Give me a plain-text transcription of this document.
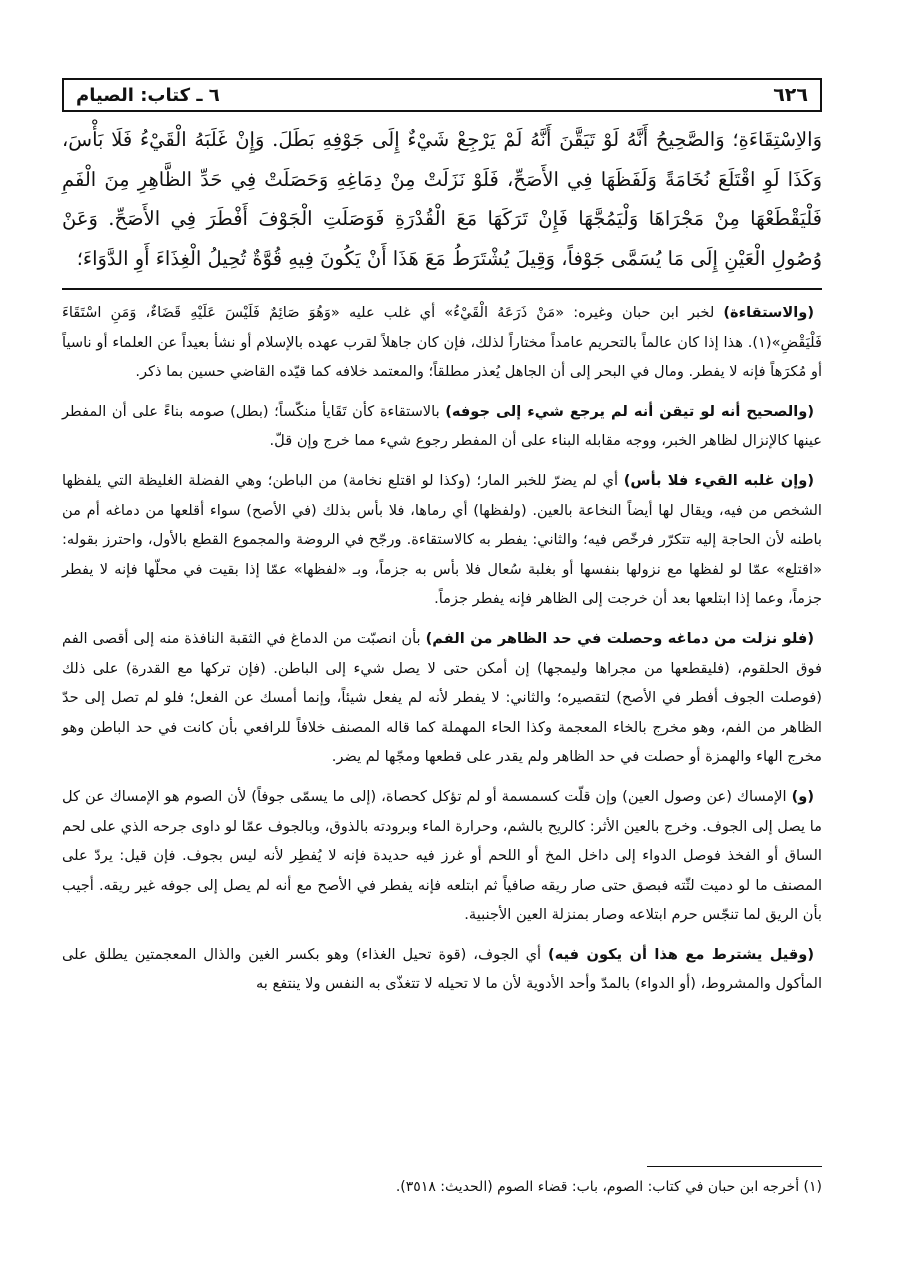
٦٢٦
٦ ـ كتاب: الصيام
وَالاِسْتِقَاءَةِ؛ وَالصَّحِيحُ أَنَّهُ لَوْ تَيَقَّنَ أَنَّهُ لَمْ يَرْجِعْ شَيْءٌ إِلَى جَوْفِهِ بَطَلَ. وَإِنْ غَلَبَهُ الْقَيْءُ فَلَا بَأْسَ، وَكَذَا لَوِ اقْتَلَعَ نُخَامَةً وَلَفَظَهَا فِي الأَصَحِّ، فَلَوْ نَزَلَتْ مِنْ دِمَاغِهِ وَحَصَلَتْ فِي حَدِّ الظَّاهِرِ مِنَ الْفَمِ فَلْيَقْطَعْهَا مِنْ مَجْرَاهَا وَلْيَمُجَّهَا فَإِنْ تَرَكَهَا مَعَ الْقُدْرَةِ فَوَصَلَتِ الْجَوْفَ أَفْطَرَ فِي الأَصَحِّ. وَعَنْ وُصُولِ الْعَيْنِ إِلَى مَا يُسَمَّى جَوْفاً، وَقِيلَ يُشْتَرَطُ مَعَ هَذَا أَنْ يَكُونَ فِيهِ قُوَّةٌ تُحِيلُ الْغِذَاءَ أَوِ الدَّوَاءَ؛

(والاستقاءة) لخبر ابن حبان وغيره: «مَنْ ذَرَعَهُ الْقَيْءُ» أي غلب عليه «وَهُوَ صَائِمٌ فَلَيْسَ عَلَيْهِ قَضَاءٌ، وَمَنِ اسْتَقَاءَ فَلْيَقْضِ»(١). هذا إذا كان عالماً بالتحريم عامداً مختاراً لذلك، فإن كان جاهلاً لقرب عهده بالإسلام أو نشأ بعيداً عن العلماء أو ناسياً أو مُكرَهاً فإنه لا يفطر. ومال في البحر إلى أن الجاهل يُعذر مطلقاً؛ والمعتمد خلافه كما قيّده القاضي حسين بما ذكر.

(والصحيح أنه لو تيقن أنه لم يرجع شيء إلى جوفه) بالاستقاءة كأن تَقَايأ منكّساً؛ (بطل) صومه بناءً على أن المفطر عينها كالإنزال لظاهر الخبر، ووجه مقابله البناء على أن المفطر رجوع شيء مما خرج وإن قلّ.

(وإن غلبه القيء فلا بأس) أي لم يضرّ للخبر المار؛ (وكذا لو اقتلع نخامة) من الباطن؛ وهي الفضلة الغليظة التي يلفظها الشخص من فيه، ويقال لها أيضاً النخاعة بالعين. (ولفظها) أي رماها، فلا بأس بذلك (في الأصح) سواء أقلعها من دماغه أم من باطنه لأن الحاجة إليه تتكرّر فرخّص فيه؛ والثاني: يفطر به كالاستقاءة. ورجّح في الروضة والمجموع القطع بالأول، واحترز بقوله: «اقتلع» عمّا لو لفظها مع نزولها بنفسها أو بغلبة سُعال فلا بأس به جزماً، وبـ «لفظها» عمّا إذا بقيت في محلّها فإنه لا يفطر جزماً، وعما إذا ابتلعها بعد أن خرجت إلى الظاهر فإنه يفطر جزماً.

(فلو نزلت من دماغه وحصلت في حد الظاهر من الفم) بأن انصبّت من الدماغ في الثقبة النافذة منه إلى أقصى الفم فوق الحلقوم، (فليقطعها من مجراها وليمجها) إن أمكن حتى لا يصل شيء إلى الباطن. (فإن تركها مع القدرة) على ذلك (فوصلت الجوف أفطر في الأصح) لتقصيره؛ والثاني: لا يفطر لأنه لم يفعل شيئاً، وإنما أمسك عن الفعل؛ فلو لم تصل إلى حدّ الظاهر من الفم، وهو مخرج بالخاء المعجمة وكذا الحاء المهملة كما قاله المصنف خلافاً للرافعي بأن كانت في حد الباطن وهو مخرج الهاء والهمزة أو حصلت في حد الظاهر ولم يقدر على قطعها ومجّها لم يضر.

(و) الإمساك (عن وصول العين) وإن قلّت كسمسمة أو لم تؤكل كحصاة، (إلى ما يسمّى جوفاً) لأن الصوم هو الإمساك عن كل ما يصل إلى الجوف. وخرج بالعين الأثر: كالريح بالشم، وحرارة الماء وبرودته بالذوق، وبالجوف عمّا لو داوى جرحه الذي على لحم الساق أو الفخذ فوصل الدواء إلى داخل المخ أو اللحم أو غرز فيه حديدة فإنه لا يُفطِر لأنه ليس بجوف. فإن قيل: يردّ على المصنف ما لو دميت لثّته فبصق حتى صار ريقه صافياً ثم ابتلعه فإنه يفطر في الأصح مع أنه لم يصل إلى جوفه غير ريقه. أجيب بأن الريق لما تنجّس حرم ابتلاعه وصار بمنزلة العين الأجنبية.

(وقيل يشترط مع هذا أن يكون فيه) أي الجوف، (قوة تحيل الغذاء) وهو بكسر الغين والذال المعجمتين يطلق على المأكول والمشروط، (أو الدواء) بالمدّ وأحد الأدوية لأن ما لا تحيله لا تتغذّى به النفس ولا ينتفع به

(١) أخرجه ابن حبان في كتاب: الصوم، باب: قضاء الصوم (الحديث: ٣٥١٨).
